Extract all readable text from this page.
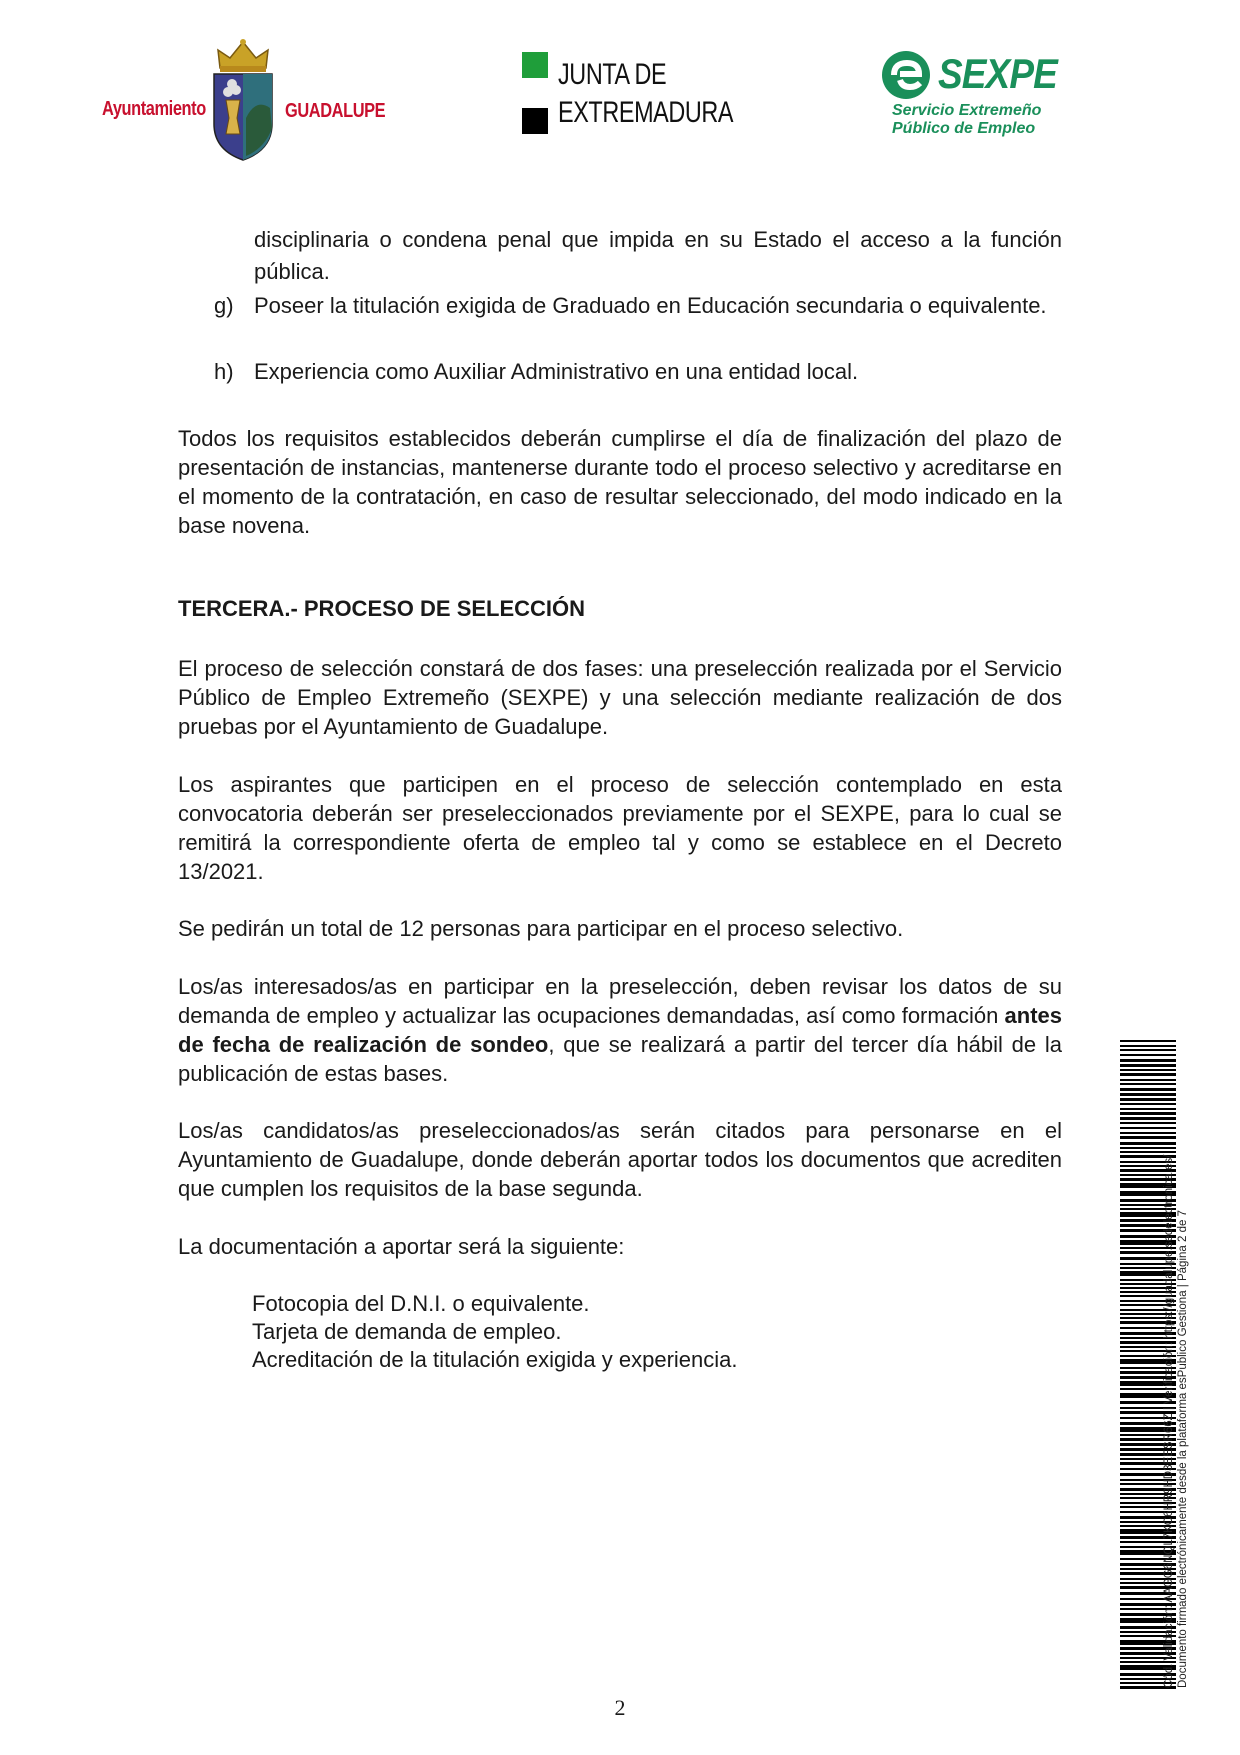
Ayuntamiento	GUADALUPE
JUNTA DE
EXTREMADURA
SEXPE
Servicio Extremeño
Público de Empleo
disciplinaria o condena penal que impida en su Estado el acceso a la función pública.
g) Poseer la titulación exigida de Graduado en Educación secundaria o equivalente.
h) Experiencia como Auxiliar Administrativo en una entidad local.
Todos los requisitos establecidos deberán cumplirse el día de finalización del plazo de presentación de instancias, mantenerse durante todo el proceso selectivo y acreditarse en el momento de la contratación, en caso de resultar seleccionado, del modo indicado en la base novena.
TERCERA.- PROCESO DE SELECCIÓN
El proceso de selección constará de dos fases: una preselección realizada por el Servicio Público de Empleo Extremeño (SEXPE) y una selección mediante realización de dos pruebas por el Ayuntamiento de Guadalupe.
Los aspirantes que participen en el proceso de selección contemplado en esta convocatoria deberán ser preseleccionados previamente por el SEXPE, para lo cual se remitirá la correspondiente oferta de empleo tal y como se establece en el Decreto 13/2021.
Se pedirán un total de 12 personas para participar en el proceso selectivo.
Los/as interesados/as en participar en la preselección, deben revisar los datos de su demanda de empleo y actualizar las ocupaciones demandadas, así como formación antes de fecha de realización de sondeo, que se realizará a partir del tercer día hábil de la publicación de estas bases.
Los/as candidatos/as preseleccionados/as serán citados para personarse en el Ayuntamiento de Guadalupe, donde deberán aportar todos los documentos que acrediten que cumplen los requisitos de la base segunda.
La documentación a aportar será la siguiente:
Fotocopia del D.N.I. o equivalente.
Tarjeta de demanda de empleo.
Acreditación de la titulación exigida y experiencia.	Cód. Validación: AAGG6NQL7KC6HR9HD3EESR66Z | Verificación: https://guadalupe.sedelectronica.es/ Documento firmado electrónicamente desde la plataforma esPublico Gestiona | Página 2 de 7
2
